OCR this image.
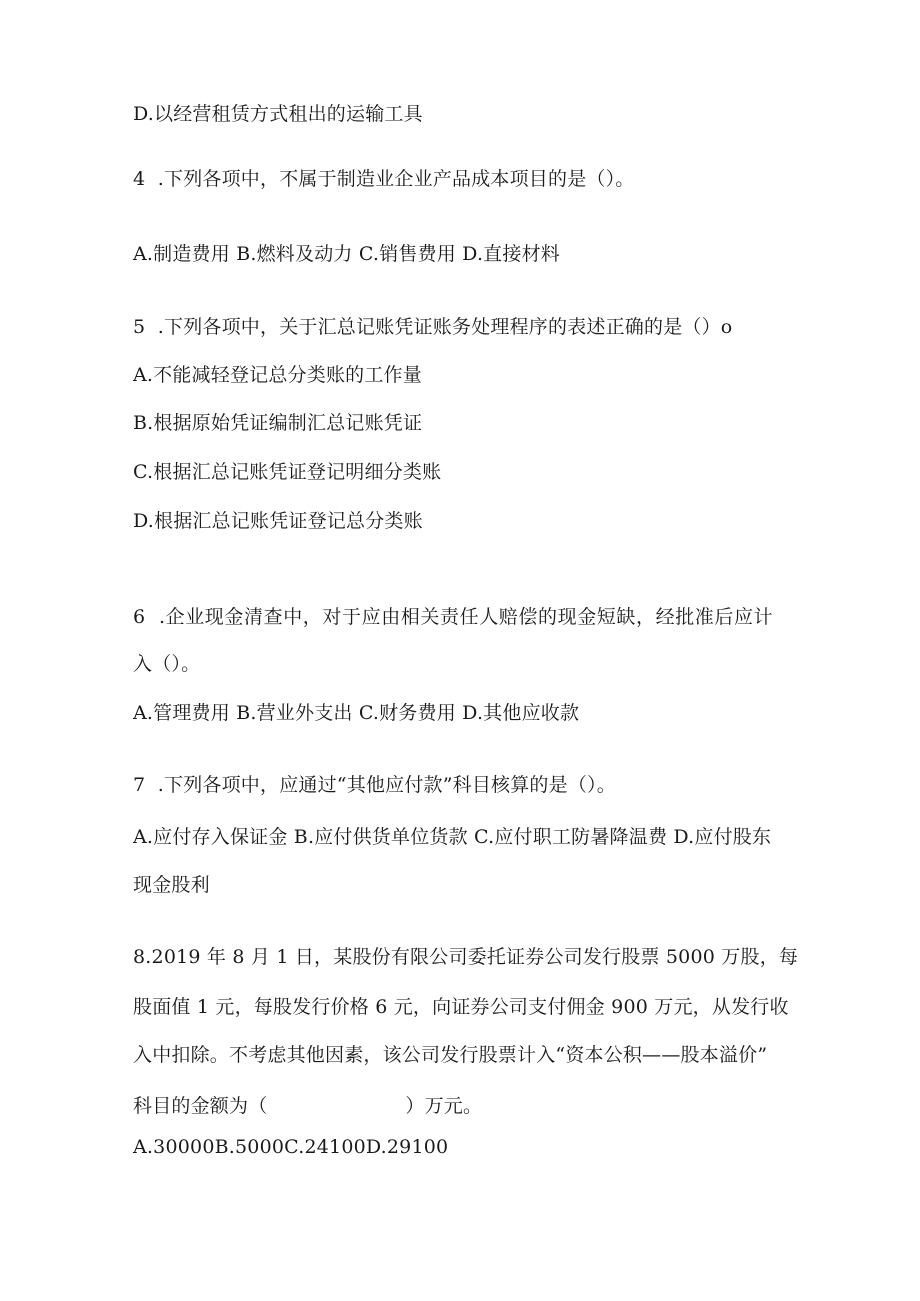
D.以经营租赁方式租出的运输工具
4  .下列各项中，不属于制造业企业产品成本项目的是（）。
A.制造费用 B.燃料及动力 C.销售费用 D.直接材料
5  .下列各项中，关于汇总记账凭证账务处理程序的表述正确的是（）o
A.不能减轻登记总分类账的工作量
B.根据原始凭证编制汇总记账凭证
C.根据汇总记账凭证登记明细分类账
D.根据汇总记账凭证登记总分类账
6  .企业现金清查中，对于应由相关责任人赔偿的现金短缺，经批准后应计
入（）。
A.管理费用 B.营业外支出 C.财务费用 D.其他应收款
7  .下列各项中，应通过“其他应付款”科目核算的是（）。
A.应付存入保证金 B.应付供货单位货款 C.应付职工防暑降温费 D.应付股东
现金股利
8.2019 年 8 月 1 日，某股份有限公司委托证券公司发行股票 5000 万股，每
股面值 1 元，每股发行价格 6 元，向证券公司支付佣金 900 万元，从发行收
入中扣除。不考虑其他因素，该公司发行股票计入“资本公积——股本溢价”
科目的金额为（	）万元。
A.30000B.5000C.24100D.29100
